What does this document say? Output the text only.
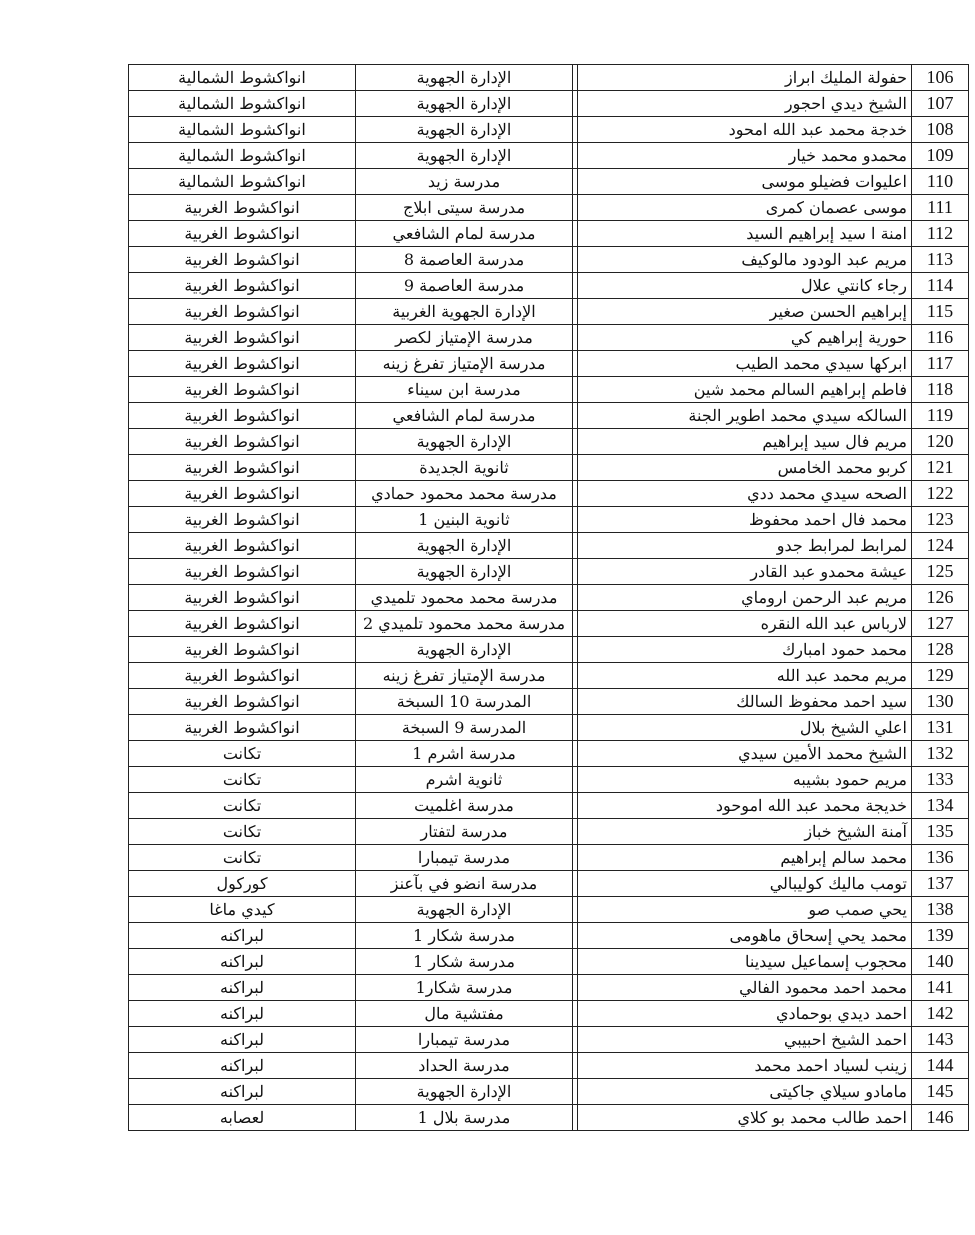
106	حفولة المليك ابراز		الإدارة الجهوية	انواكشوط الشمالية
107	الشيخ ديدي احجور		الإدارة الجهوية	انواكشوط الشمالية
108	خدجة محمد عبد الله امحود		الإدارة الجهوية	انواكشوط الشمالية
109	محمدو محمد خيار		الإدارة الجهوية	انواكشوط الشمالية
110	اعليوات فضيلو موسى		مدرسة زيد	انواكشوط الشمالية
111	موسى عصمان كمرى		مدرسة سيتى ابلاج	انواكشوط الغربية
112	امنة ا سيد إبراهيم السيد		مدرسة لمام الشافعي	انواكشوط الغربية
113	مريم عبد الودود مالوكيف		مدرسة العاصمة 8	انواكشوط الغربية
114	رجاء كانتي علال		مدرسة العاصمة 9	انواكشوط الغربية
115	إبراهيم الحسن صغير		الإدارة الجهوية الغربية	انواكشوط الغربية
116	حورية إبراهيم كي		مدرسة الإمتياز لكصر	انواكشوط الغربية
117	ابركها سيدي محمد الطيب		مدرسة الإمتياز تفرغ زينه	انواكشوط الغربية
118	فاطم إبراهيم السالم محمد شين		مدرسة ابن سيناء	انواكشوط الغربية
119	السالكه سيدي محمد اطوير الجنة		مدرسة لمام الشافعي	انواكشوط الغربية
120	مريم فال سيد إبراهيم		الإدارة الجهوية	انواكشوط الغربية
121	كربو محمد الخامس		ثانوية الجديدة	انواكشوط الغربية
122	الصحه سيدي محمد ددي		مدرسة محمد محمود حمادي	انواكشوط الغربية
123	محمد فال احمد محفوظ		ثانوية البنين 1	انواكشوط الغربية
124	لمرابط لمرابط جدو		الإدارة الجهوية	انواكشوط الغربية
125	عيشة محمدو عبد القادر		الإدارة الجهوية	انواكشوط الغربية
126	مريم عبد الرحمن اروماي		مدرسة محمد محمود تلميدي	انواكشوط الغربية
127	لارباس عبد الله النقره		مدرسة محمد محمود تلميدي 2	انواكشوط الغربية
128	محمد حمود امبارك		الإدارة الجهوية	انواكشوط الغربية
129	مريم محمد عبد الله		مدرسة الإمتياز تفرغ زينه	انواكشوط الغربية
130	سيد احمد محفوظ السالك		المدرسة 10 السبخة	انواكشوط الغربية
131	اعلي الشيخ بلال		المدرسة 9 السبخة	انواكشوط الغربية
132	الشيخ محمد الأمين سيدي		مدرسة اشرم 1	تكانت
133	مريم حمود بشيبه		ثانوية اشرم	تكانت
134	خديجة محمد عبد الله اموحود		مدرسة اغلميت	تكانت
135	آمنة الشيخ خباز		مدرسة لتفتار	تكانت
136	محمد سالم إبراهيم		مدرسة تيمبارا	تكانت
137	تومب ماليك كوليبالي		مدرسة انضو في بآعنز	كوركول
138	يحي صمب صو		الإدارة الجهوية	كيدي ماغا
139	محمد يحي إسحاق ماهومى		مدرسة شكار 1	لبراكنه
140	محجوب إسماعيل سيدينا		مدرسة شكار 1	لبراكنه
141	محمد احمد محمود الفالي		مدرسة شكار1	لبراكنه
142	احمد ديدي بوحمادي		مفتشية مال	لبراكنه
143	احمد الشيخ احبيبي		مدرسة تيمبارا	لبراكنه
144	زينب لسياد احمد محمد		مدرسة الحداد	لبراكنه
145	مامادو سيلاي جاكيتى		الإدارة الجهوية	لبراكنه
146	احمد طالب محمد بو كلاي		مدرسة بلال 1	لعصابه
